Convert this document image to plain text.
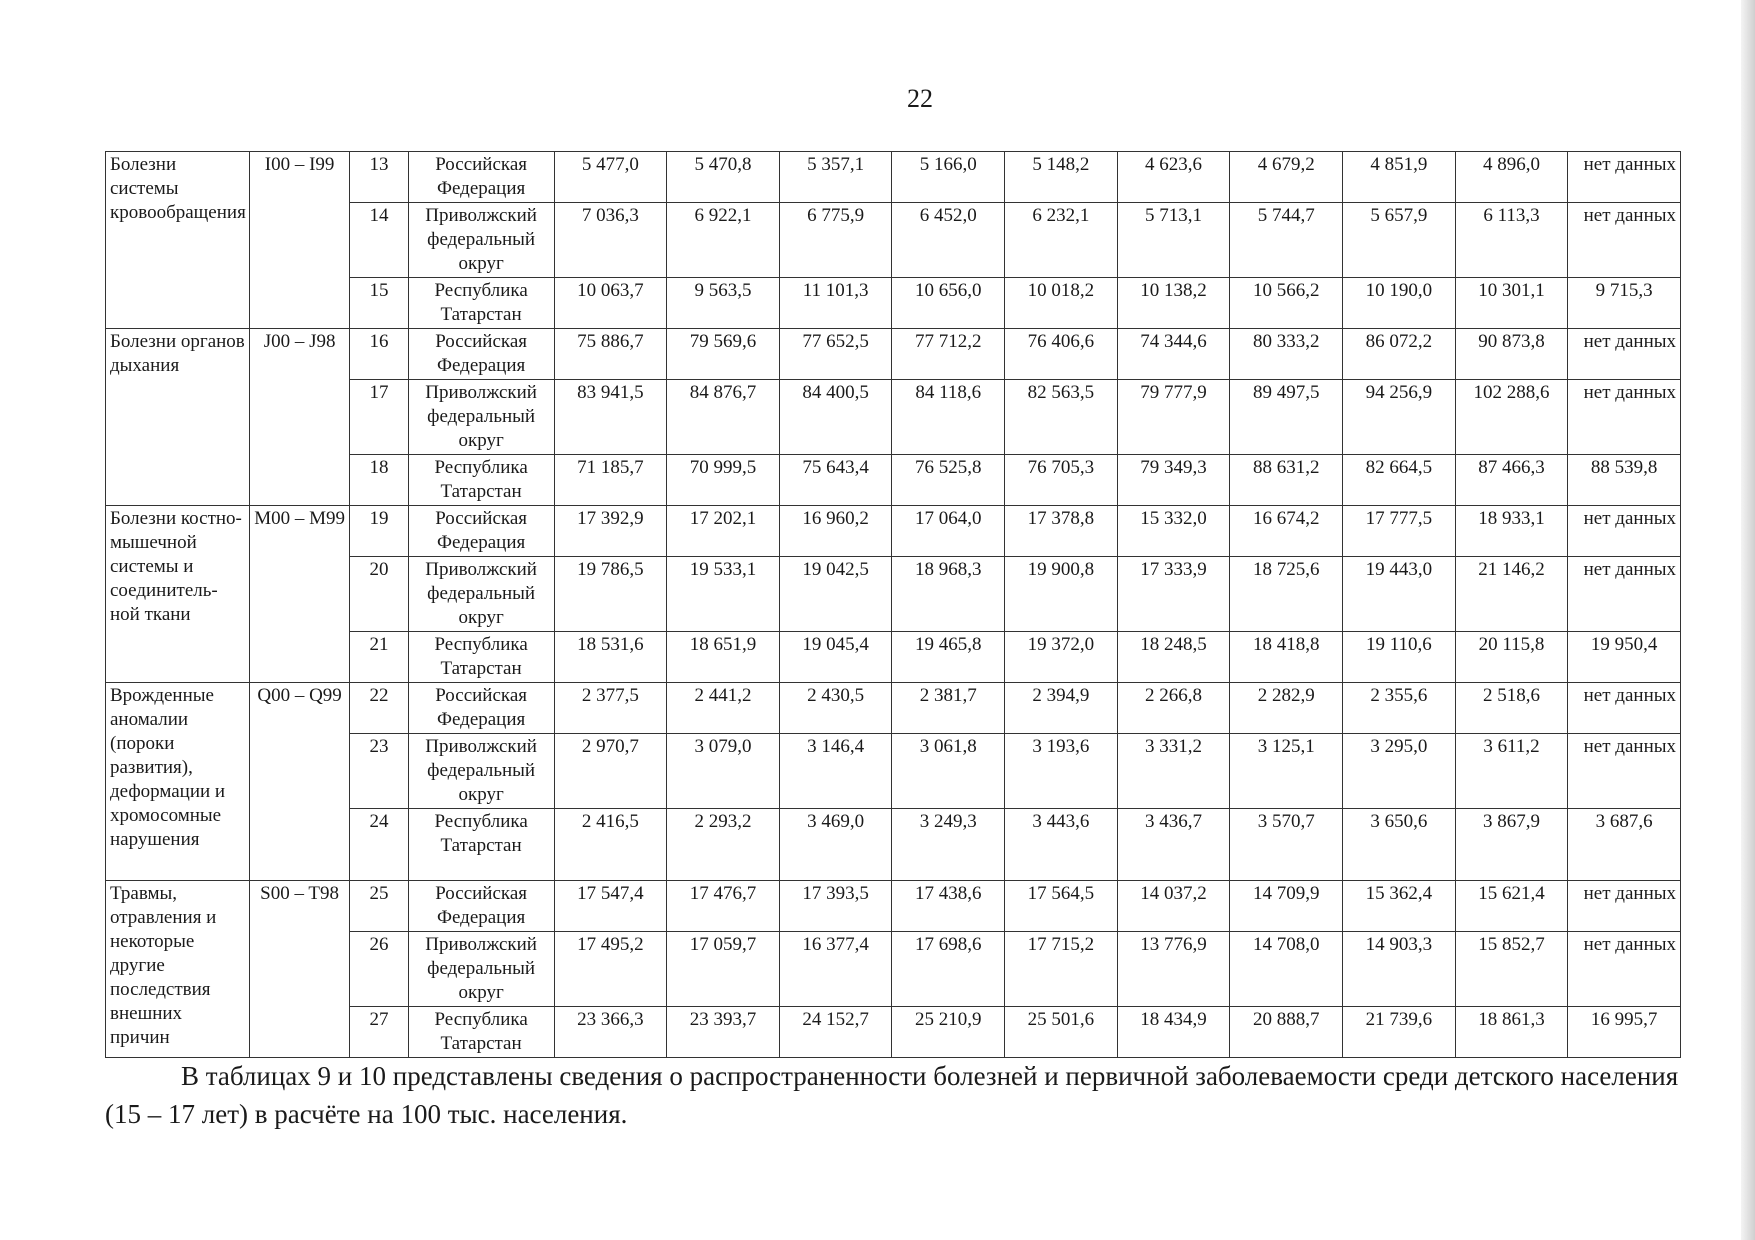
22
Болезни системы кровообращения	I00 – I99	13	Российская Федерация	5 477,0	5 470,8	5 357,1	5 166,0	5 148,2	4 623,6	4 679,2	4 851,9	4 896,0	нет данных
		14	Приволжский федеральный округ	7 036,3	6 922,1	6 775,9	6 452,0	6 232,1	5 713,1	5 744,7	5 657,9	6 113,3	нет данных
		15	Республика Татарстан	10 063,7	9 563,5	11 101,3	10 656,0	10 018,2	10 138,2	10 566,2	10 190,0	10 301,1	9 715,3
Болезни органов дыхания	J00 – J98	16	Российская Федерация	75 886,7	79 569,6	77 652,5	77 712,2	76 406,6	74 344,6	80 333,2	86 072,2	90 873,8	нет данных
		17	Приволжский федеральный округ	83 941,5	84 876,7	84 400,5	84 118,6	82 563,5	79 777,9	89 497,5	94 256,9	102 288,6	нет данных
		18	Республика Татарстан	71 185,7	70 999,5	75 643,4	76 525,8	76 705,3	79 349,3	88 631,2	82 664,5	87 466,3	88 539,8
Болезни костно-мышечной системы и соединитель-ной ткани	M00 – M99	19	Российская Федерация	17 392,9	17 202,1	16 960,2	17 064,0	17 378,8	15 332,0	16 674,2	17 777,5	18 933,1	нет данных
		20	Приволжский федеральный округ	19 786,5	19 533,1	19 042,5	18 968,3	19 900,8	17 333,9	18 725,6	19 443,0	21 146,2	нет данных
		21	Республика Татарстан	18 531,6	18 651,9	19 045,4	19 465,8	19 372,0	18 248,5	18 418,8	19 110,6	20 115,8	19 950,4
Врожденные аномалии (пороки развития), деформации и хромосомные нарушения	Q00 – Q99	22	Российская Федерация	2 377,5	2 441,2	2 430,5	2 381,7	2 394,9	2 266,8	2 282,9	2 355,6	2 518,6	нет данных
		23	Приволжский федеральный округ	2 970,7	3 079,0	3 146,4	3 061,8	3 193,6	3 331,2	3 125,1	3 295,0	3 611,2	нет данных
		24	Республика Татарстан	2 416,5	2 293,2	3 469,0	3 249,3	3 443,6	3 436,7	3 570,7	3 650,6	3 867,9	3 687,6
Травмы, отравления и некоторые другие последствия внешних причин	S00 – T98	25	Российская Федерация	17 547,4	17 476,7	17 393,5	17 438,6	17 564,5	14 037,2	14 709,9	15 362,4	15 621,4	нет данных
		26	Приволжский федеральный округ	17 495,2	17 059,7	16 377,4	17 698,6	17 715,2	13 776,9	14 708,0	14 903,3	15 852,7	нет данных
		27	Республика Татарстан	23 366,3	23 393,7	24 152,7	25 210,9	25 501,6	18 434,9	20 888,7	21 739,6	18 861,3	16 995,7
В таблицах 9 и 10 представлены сведения о распространенности болезней и первичной заболеваемости среди детского населения (15 – 17 лет) в расчёте на 100 тыс. населения.
